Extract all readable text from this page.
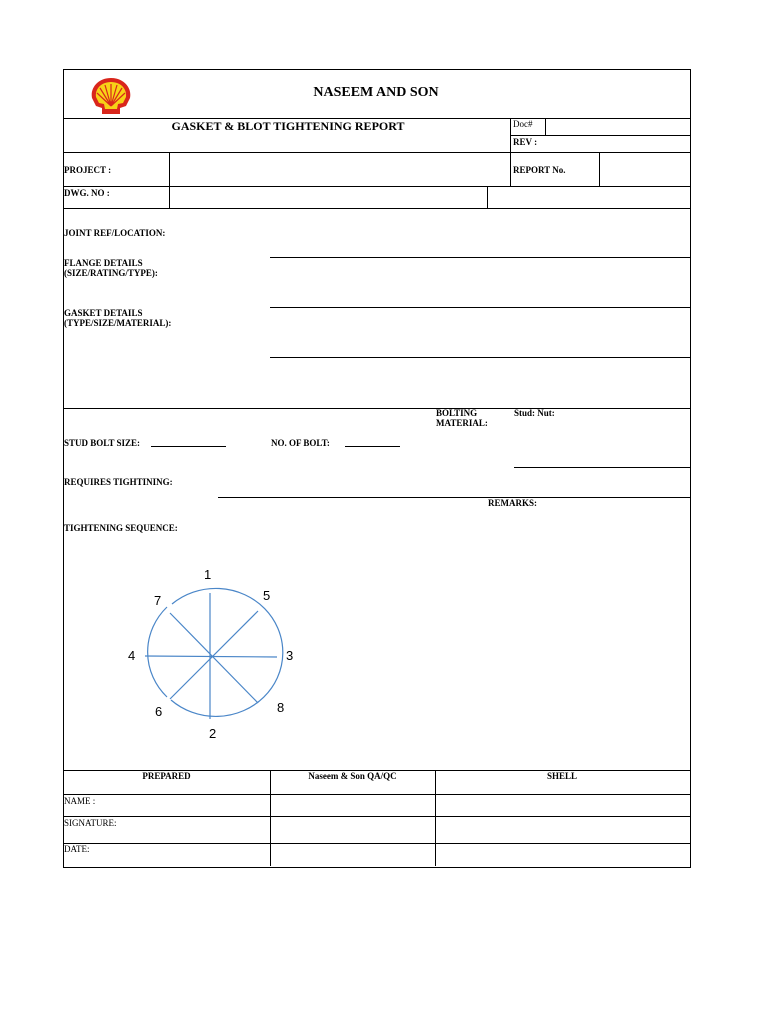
NASEEM AND SON
GASKET & BLOT TIGHTENING REPORT	Doc#
REV :
PROJECT :	REPORT No.
DWG. NO :
JOINT REF/LOCATION:
FLANGE DETAILS
(SIZE/RATING/TYPE):
GASKET DETAILS
(TYPE/SIZE/MATERIAL):
BOLTING
MATERIAL:
Stud: Nut:
STUD BOLT SIZE:	NO. OF BOLT:
REQUIRES TIGHTINING:
REMARKS:
TIGHTENING SEQUENCE:
1
5
3
8
2
6
4
7
PREPARED	Naseem & Son QA/QC	SHELL
NAME :
SIGNATURE:
DATE:
